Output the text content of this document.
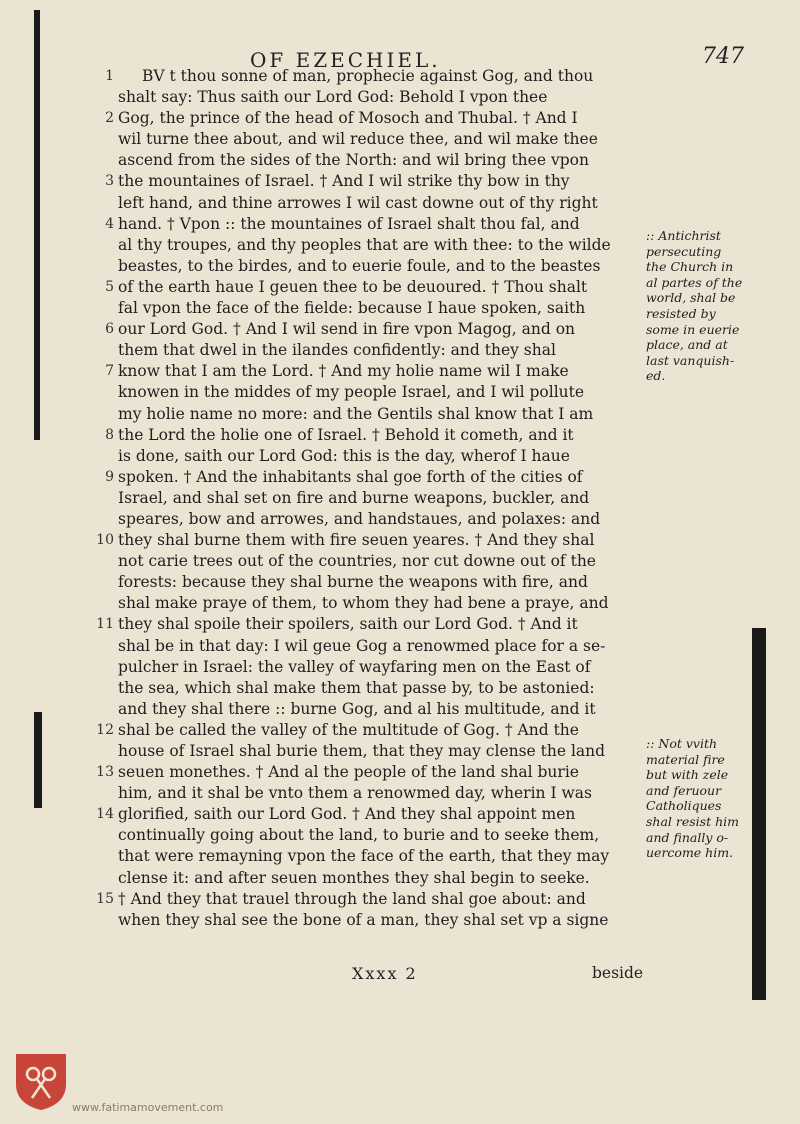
OF EZECHIEL.	747
1 BV t thou sonne of man, prophecie against Gog, and thou
shalt say: Thus saith our Lord God: Behold I vpon thee
2 Gog, the prince of the head of Mosoch and Thubal. † And I
wil turne thee about, and wil reduce thee, and wil make thee
ascend from the sides of the North: and wil bring thee vpon
3 the mountaines of Israel. † And I wil strike thy bow in thy
left hand, and thine arrowes I wil cast downe out of thy right
4 hand. † Vpon :: the mountaines of Israel shalt thou fal, and
al thy troupes, and thy peoples that are with thee: to the wilde
beastes, to the birdes, and to euerie foule, and to the beastes
5 of the earth haue I geuen thee to be deuoured. † Thou shalt
fal vpon the face of the fielde: because I haue spoken, saith
6 our Lord God. † And I wil send in fire vpon Magog, and on
them that dwel in the ilandes confidently: and they shal
7 know that I am the Lord. † And my holie name wil I make
knowen in the middes of my people Israel, and I wil pollute
my holie name no more: and the Gentils shal know that I am
8 the Lord the holie one of Israel. † Behold it cometh, and it
is done, saith our Lord God: this is the day, wherof I haue
9 spoken. † And the inhabitants shal goe forth of the cities of
Israel, and shal set on fire and burne weapons, buckler, and
speares, bow and arrowes, and handstaues, and polaxes: and
10 they shal burne them with fire seuen yeares. † And they shal
not carie trees out of the countries, nor cut downe out of the
forests: because they shal burne the weapons with fire, and
shal make praye of them, to whom they had bene a praye, and
11 they shal spoile their spoilers, saith our Lord God. † And it
shal be in that day: I wil geue Gog a renowmed place for a se-
pulcher in Israel: the valley of wayfaring men on the East of
the sea, which shal make them that passe by, to be astonied:
and they shal there :: burne Gog, and al his multitude, and it
12 shal be called the valley of the multitude of Gog. † And the
house of Israel shal burie them, that they may clense the land
13 seuen monethes. † And al the people of the land shal burie
him, and it shal be vnto them a renowmed day, wherin I was
14 glorified, saith our Lord God. † And they shal appoint men
continually going about the land, to burie and to seeke them,
that were remayning vpon the face of the earth, that they may
clense it: and after seuen monthes they shal begin to seeke.
15 † And they that trauel through the land shal goe about: and
when they shal see the bone of a man, they shal set vp a signe
:: Antichrist
persecuting
the Church in
al partes of the
world, shal be
resisted by
some in euerie
place, and at
last vanquish-
ed.
:: Not vvith
material fire
but with zele
and feruour
Catholiques
shal resist him
and finally o-
uercome him.
Xxxx 2	beside
www.fatimamovement.com
